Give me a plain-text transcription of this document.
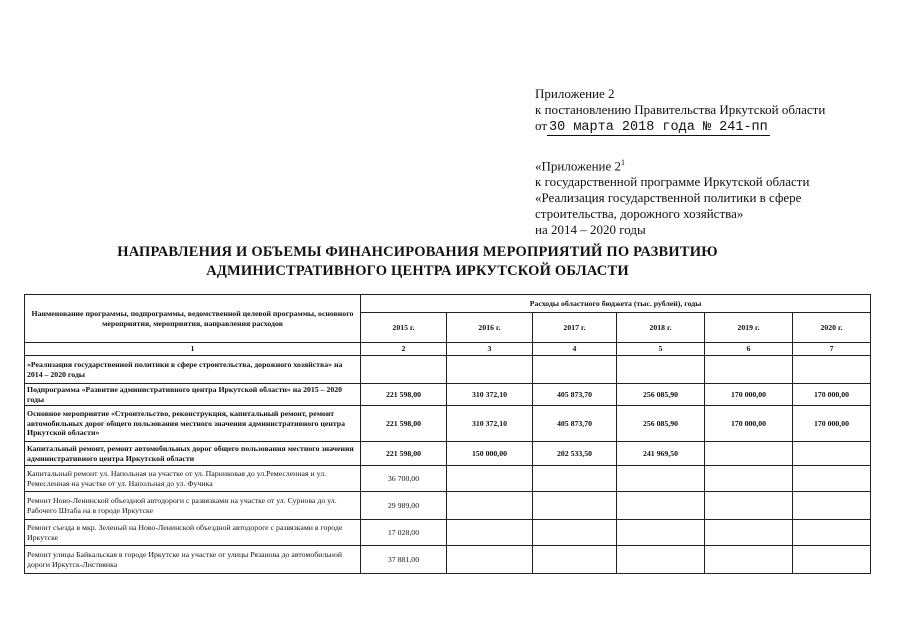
Приложение 2
к постановлению Правительства Иркутской области
от 30 марта 2018 года № 241-пп
«Приложение $2^1$
к государственной программе Иркутской области
«Реализация государственной политики в сфере
строительства, дорожного хозяйства»
на 2014 – 2020 годы
НАПРАВЛЕНИЯ И ОБЪЕМЫ ФИНАНСИРОВАНИЯ МЕРОПРИЯТИЙ ПО РАЗВИТИЮ
АДМИНИСТРАТИВНОГО ЦЕНТРА ИРКУТСКОЙ ОБЛАСТИ
Наименование программы, подпрограммы, ведомственной целевой программы, основного мероприятия, мероприятия, направления расходов	Расходы областного бюджета (тыс. рублей), годы					
	2015 г.	2016 г.	2017 г.	2018 г.	2019 г.	2020 г.
1	2	3	4	5	6	7
«Реализация государственной политики в сфере строительства, дорожного хозяйства» на 2014 – 2020 годы						
Подпрограмма «Развитие административного центра Иркутской области» на 2015 – 2020 годы	221 598,00	310 372,10	405 873,70	256 085,90	170 000,00	170 000,00
Основное мероприятие «Строительство, реконструкция, капитальный ремонт, ремонт автомобильных дорог общего пользования местного значения административного центра Иркутской области»	221 598,00	310 372,10	405 873,70	256 085,90	170 000,00	170 000,00
Капитальный ремонт, ремонт автомобильных дорог общего пользования местного значения административного центра Иркутской области	221 598,00	150 000,00	202 533,50	241 969,50		
Капитальный ремонт ул. Напольная на участке от ул. Парниковая до ул.Ремесленная и ул. Ремесленная на участке от ул. Напольная до ул. Фучика	36 700,00					
Ремонт Ново-Ленинской объездной автодороги с развязками на участке от ул. Сурнова до ул. Рабочего Штаба на в городе Иркутске	29 989,00					
Ремонт съезда в мкр. Зеленый на Ново-Ленинской объездной автодороге с развязками в городе Иркутске	17 028,00					
Ремонт улицы Байкальская в городе Иркутске на участке от улицы Рязанова до автомобильной дороги Иркутск-Листвянка	37 881,00					
